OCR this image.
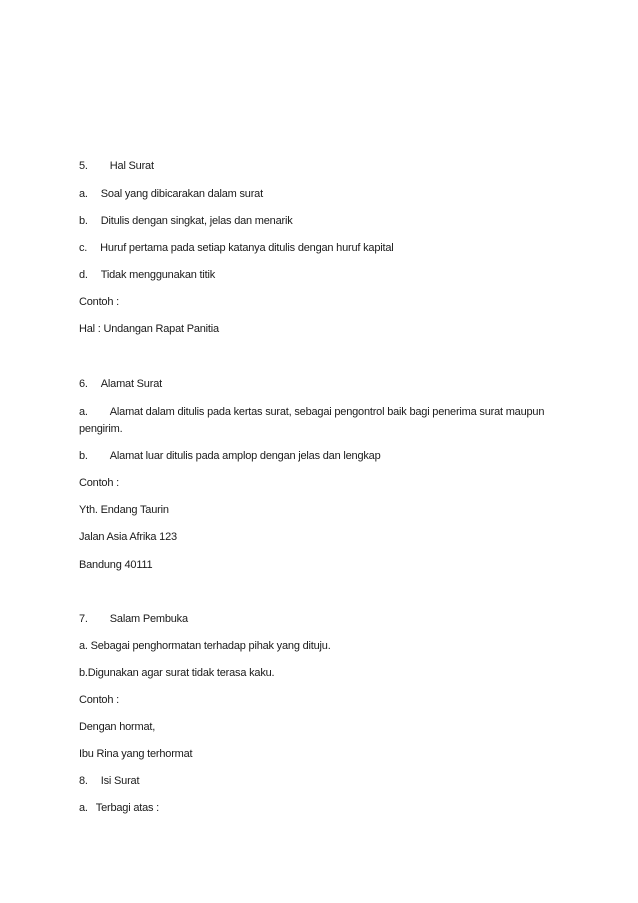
5. Hal Surat
a. Soal yang dibicarakan dalam surat
b. Ditulis dengan singkat, jelas dan menarik
c. Huruf pertama pada setiap katanya ditulis dengan huruf kapital
d. Tidak menggunakan titik
Contoh :
Hal : Undangan Rapat Panitia
6. Alamat Surat
a. Alamat dalam ditulis pada kertas surat, sebagai pengontrol baik bagi penerima surat maupun pengirim.
b. Alamat luar ditulis pada amplop dengan jelas dan lengkap
Contoh :
Yth. Endang Taurin
Jalan Asia Afrika 123
Bandung 40111
7. Salam Pembuka
a. Sebagai penghormatan terhadap pihak yang dituju.
b.Digunakan agar surat tidak terasa kaku.
Contoh :
Dengan hormat,
Ibu Rina yang terhormat
8. Isi Surat
a. Terbagi atas :
